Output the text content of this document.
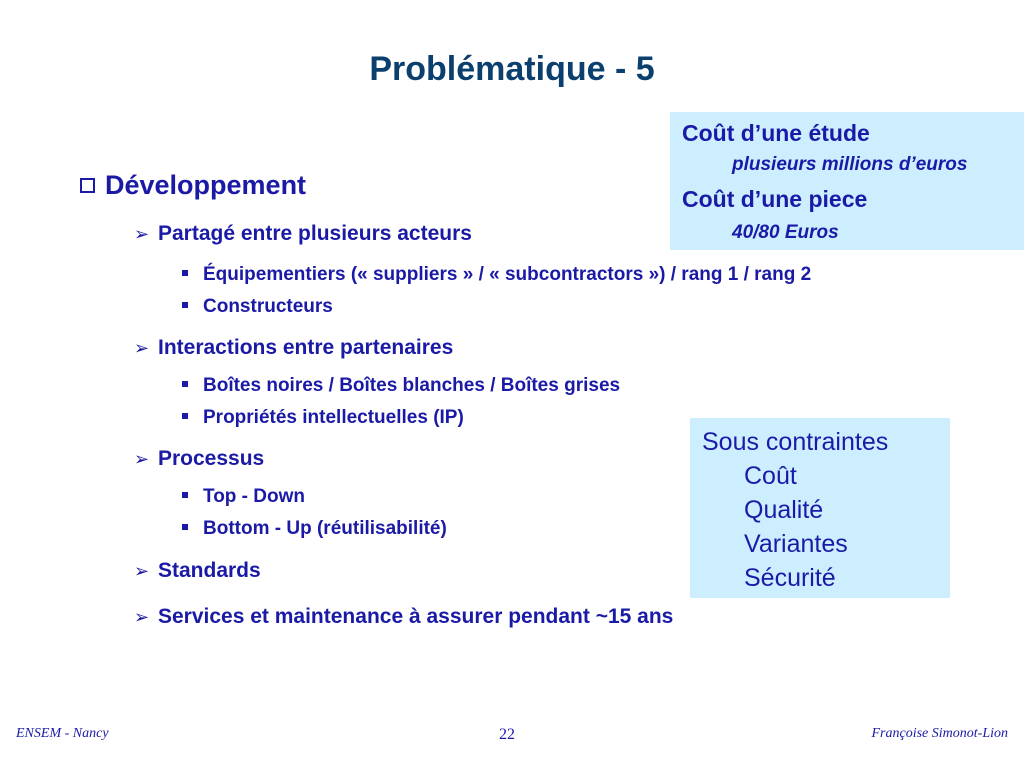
Problématique - 5
Coût d’une étude
plusieurs millions d’euros
Coût d’une piece
40/80 Euros
Développement
➢ Partagé entre plusieurs acteurs
Équipementiers (« suppliers » / « subcontractors ») / rang 1 / rang 2
Constructeurs
➢ Interactions entre partenaires
Boîtes noires / Boîtes blanches / Boîtes grises
Propriétés intellectuelles (IP)
➢ Processus
Top - Down
Bottom - Up (réutilisabilité)
➢ Standards
➢ Services et maintenance à assurer pendant ~15 ans
Sous contraintes
Coût
Qualité
Variantes
Sécurité
ENSEM - Nancy	22	Françoise Simonot-Lion
